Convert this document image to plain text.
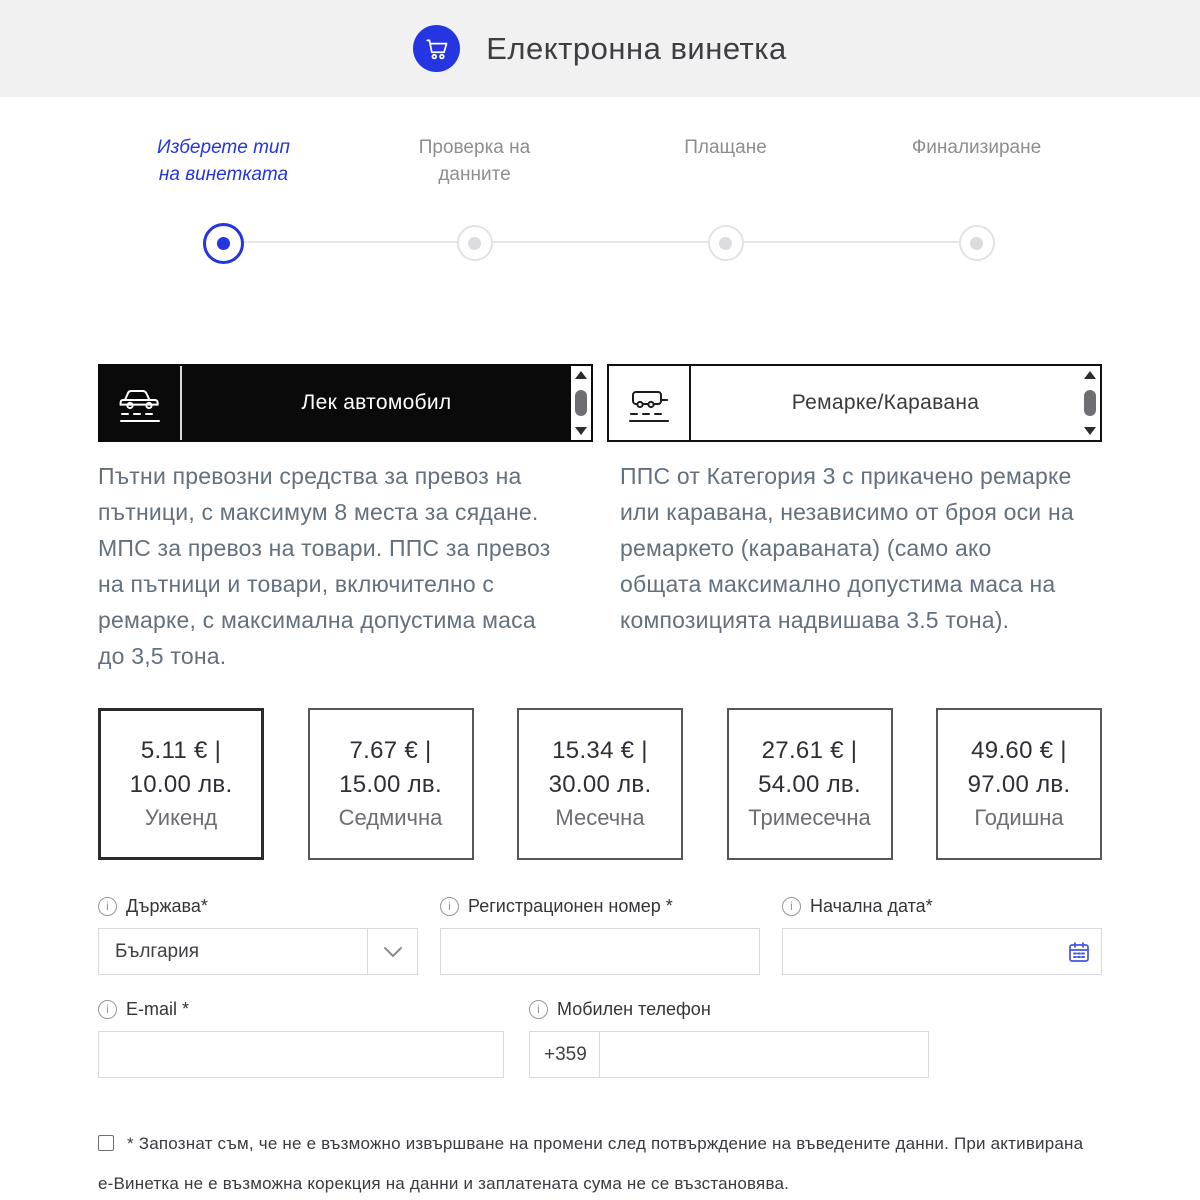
Електронна винетка
Изберете тип на винетката
Проверка на данните
Плащане	Финализиране
Лек автомобил	Ремарке/Каравана
Пътни превозни средства за превоз на пътници, с максимум 8 места за сядане. МПС за превоз на товари. ППС за превоз на пътници и товари, включително с ремарке, с максимална допустима маса до 3,5 тона.
ППС от Категория 3 с прикачено ремарке или каравана, независимо от броя оси на ремаркето (караваната) (само ако общата максимално допустима маса на композицията надвишава 3.5 тона).
5.11 € |
10.00 лв.
Уикенд
7.67 € |
15.00 лв.
Седмична
15.34 € |
30.00 лв.
Месечна
27.61 € |
54.00 лв.
Тримесечна
49.60 € |
97.00 лв.
Годишна
i Държава*
България
i Регистрационен номер *	i Начална дата*
i E-mail *	i Мобилен телефон
+359
* Запознат съм, че не е възможно извършване на промени след потвърждение на въведените данни. При активирана е-Винетка не е възможна корекция на данни и заплатената сума не се възстановява.
